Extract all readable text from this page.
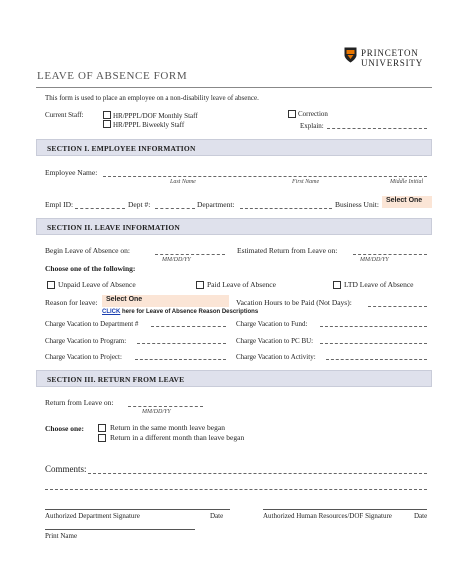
PRINCETON
UNIVERSITY
LEAVE OF ABSENCE FORM
This form is used to place an employee on a non-disability leave of absence.
Current Staff:	HR/PPPL/DOF Monthly Staff
HR/PPPL Biweekly Staff
Correction
Explain:
SECTION I. EMPLOYEE INFORMATION
Employee Name:
Last Name	First Name	Middle Initial
Empl ID:	Dept #:	Department:	Business Unit:	Select One
SECTION II. LEAVE INFORMATION
Begin Leave of Absence on:
MM/DD/YY
Estimated Return from Leave on:
MM/DD/YY
Choose one of the following:
Unpaid Leave of Absence	Paid Leave of Absence	LTD Leave of Absence
Reason for leave:	Select One	Vacation Hours to be Paid (Not Days):
CLICK here for Leave of Absence Reason Descriptions
Charge Vacation to Department #	Charge Vacation to Fund:
Charge Vacation to Program:	Charge Vacation to PC BU:
Charge Vacation to Project:	Charge Vacation to Activity:
SECTION III. RETURN FROM LEAVE
Return from Leave on:
MM/DD/YY
Choose one:	Return in the same month leave began
Return in a different month than leave began
Comments:
Authorized Department Signature	Date	Authorized Human Resources/DOF Signature	Date
Print Name
